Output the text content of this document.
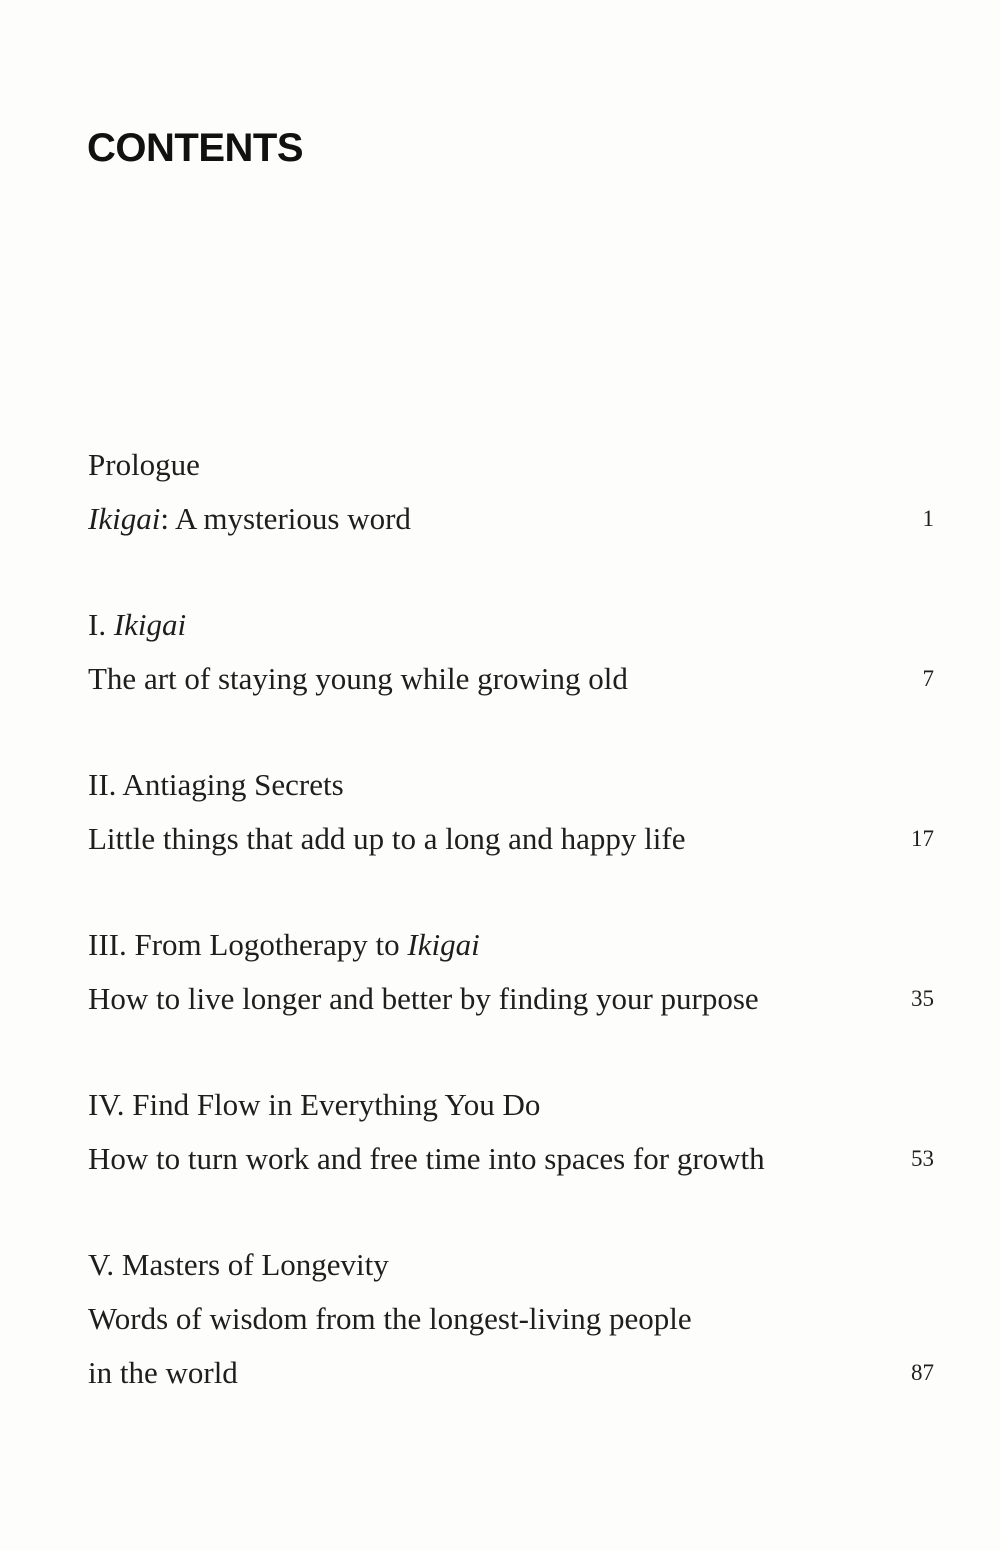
CONTENTS
Prologue
Ikigai: A mysterious word	1
I. Ikigai
The art of staying young while growing old	7
II. Antiaging Secrets
Little things that add up to a long and happy life	17
III. From Logotherapy to Ikigai
How to live longer and better by finding your purpose	35
IV. Find Flow in Everything You Do
How to turn work and free time into spaces for growth	53
V. Masters of Longevity
Words of wisdom from the longest-living people
in the world	87
